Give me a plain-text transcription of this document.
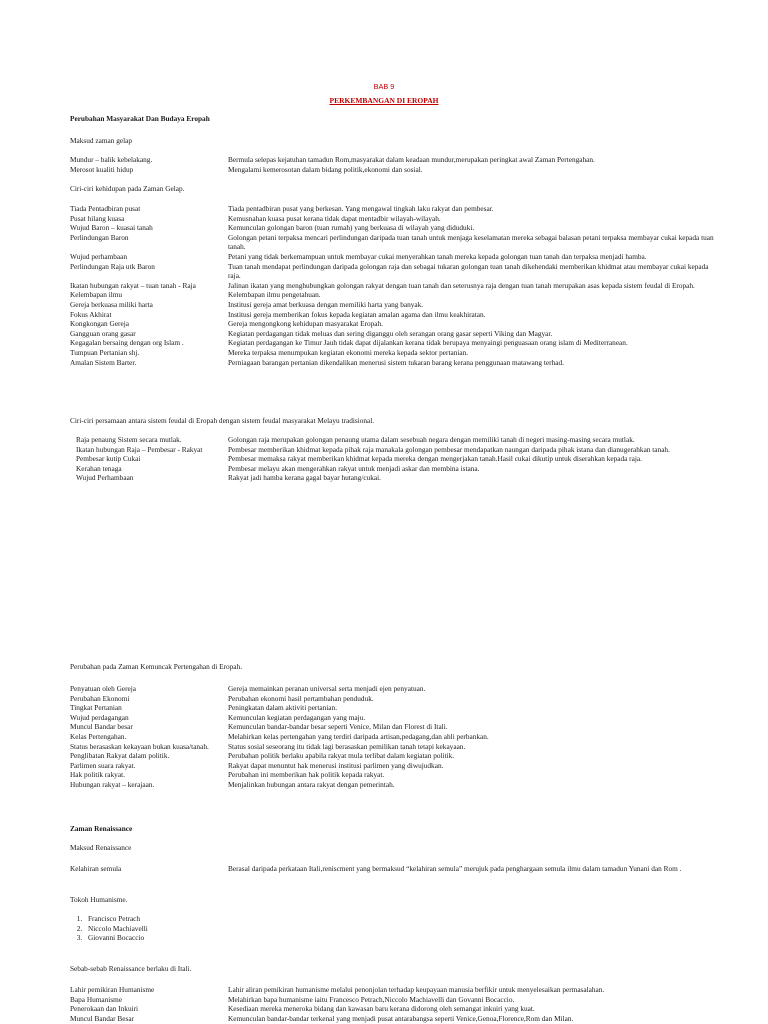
BAB 9
PERKEMBANGAN DI EROPAH
Perubahan Masyarakat Dan Budaya Eropah
Maksud zaman gelap
Mundur – balik kebelakang.	Bermula selepas kejatuhan tamadun Rom,masyarakat dalam keadaan mundur,merupakan peringkat awal Zaman Pertengahan.
Merosot kualiti hidup	Mengalami kemerosotan dalam bidang politik,ekonomi dan sosial.
Ciri-ciri kehidupan pada Zaman Gelap.
Tiada Pentadbiran pusat	Tiada pentadbiran pusat yang berkesan. Yang mengawal tingkah laku rakyat dan pembesar.
Pusat hilang kuasa	Kemusnahan kuasa pusat kerana tidak dapat mentadbir wilayah-wilayah.
Wujud Baron – kuasai tanah	Kemunculan golongan baron (tuan rumah) yang berkuasa di wilayah yang diduduki.
Perlindungan Baron	Golongan petani terpaksa mencari perlindungan daripada tuan tanah untuk menjaga keselamatan mereka sebagai balasan petani terpaksa membayar cukai kepada tuan tanah.
Wujud perhambaan	Petani yang tidak berkemampuan untuk membayar cukai menyerahkan tanah mereka kepada golongan tuan tanah dan terpaksa menjadi hamba.
Perlindungan Raja utk Baron	Tuan tanah mendapat perlindungan daripada golongan raja dan sebagai tukaran golongan tuan tanah dikehendaki memberikan khidmat atau membayar cukai kepada raja.
Ikatan hubungan rakyat – tuan tanah - Raja	Jalinan ikatan yang menghubungkan golongan rakyat dengan tuan tanah dan seterusnya raja dengan tuan tanah merupakan asas kepada sistem feudal di Eropah.
Kelembapan ilmu	Kelembapan ilmu pengetahuan.
Gereja berkuasa miliki harta	Institusi gereja amat berkuasa dengan memiliki harta yang banyak.
Fokus Akhirat	Institusi gereja memberikan fokus kepada kegiatan amalan agama dan ilmu keakhiratan.
Kongkongan Gereja	Gereja mengongkong kehidupan masyarakat Eropah.
Gangguan orang gasar	Kegiatan perdagangan tidak meluas dan sering diganggu oleh serangan orang gasar seperti Viking dan Magyar.
Kegagalan bersaing dengan org Islam .	Kegiatan perdagangan ke Timur Jauh tidak dapat dijalankan kerana tidak berupaya menyaingi penguasaan orang islam di Mediterranean.
Tumpuan Pertanian shj.	Mereka terpaksa menumpukan kegiatan ekonomi mereka kepada sektor pertanian.
Amalan Sistem Barter.	Perniagaan barangan pertanian dikendalikan menerusi sistem tukaran barang kerana penggunaan matawang terhad.
Ciri-ciri persamaan antara sistem feudal di Eropah dengan sistem feudal masyarakat Melayu tradisional.
Raja penaung Sistem secara mutlak.	Golongan raja merupakan golongan penaung utama dalam sesebuah negara dengan memiliki tanah di negeri masing-masing secara mutlak.
Ikatan hubungan Raja – Pembesar - Rakyat	Pembesar memberikan khidmat kepada pihak raja manakala golongan pembesar mendapatkan naungan daripada pihak istana dan dianugerahkan tanah.
Pembesar kutip Cukai	Pembesar memaksa rakyat memberikan khidmat kepada mereka dengan mengerjakan tanah.Hasil cukai dikutip untuk diserahkan kepada raja.
Kerahan tenaga	Pembesar melayu akan mengerahkan rakyat untuk menjadi askar dan membina istana.
Wujud Perhambaan	Rakyat jadi hamba kerana gagal bayar hutang/cukai.
Perubahan pada Zaman Kemuncak Pertengahan di Eropah.
Penyatuan oleh Gereja	Gereja memainkan peranan universal serta menjadi ejen penyatuan.
Perubahan Ekonomi	Perubahan ekonomi hasil pertambahan penduduk.
Tingkat Pertanian	Peningkatan dalam aktiviti pertanian.
Wujud perdagangan	Kemunculan kegiatan perdagangan yang maju.
Muncul Bandar besar	Kemunculan bandar-bandar besar seperti Venice, Milan dan Florest di Itali.
Kelas Pertengahan.	Melahirkan kelas pertengahan yang terdiri daripada artisan,pedagang,dan ahli perbankan.
Status berasaskan kekayaan bukan kuasa/tanah.	Status sosial seseorang itu tidak lagi berasaskan pemilikan tanah tetapi kekayaan.
Penglibatan Rakyat dalam politik.	Perubahan politik berlaku apabila rakyat mula terlibat dalam kegiatan politik.
Parlimen suara rakyat.	Rakyat dapat menuntut hak menerusi institusi parlimen yang diwujudkan.
Hak politik rakyat.	Perubahan ini memberikan hak politik kepada rakyat.
Hubungan rakyat – kerajaan.	Menjalinkan hubungan antara rakyat dengan pemerintah.
Zaman Renaissance
Maksud Renaissance
Kelahiran semula	Berasal daripada perkataan Itali,reniscment yang bermaksud “kelahiran semula” merujuk pada penghargaan semula ilmu dalam tamadun Yunani dan Rom .
Tokoh Humanisme.
1. Francisco Petrach
2. Niccolo Machiavelli
3. Giovanni Bocaccio
Sebab-sebab Renaissance berlaku di Itali.
Lahir pemikiran Humanisme	Lahir aliran pemikiran humanisme melalui penonjolan terhadap keupayaan manusia berfikir untuk menyelesaikan permasalahan.
Bapa Humanisme	Melahirkan bapa humanisme iaitu Francesco Petrach,Niccolo Machiavelli dan Govanni Bocaccio.
Penerokaan dan Inkuiri	Kesediaan mereka meneroka bidang dan kawasan baru kerana didorong oleh semangat inkuiri yang kuat.
Muncul Bandar Besar	Kemunculan bandar-bandar terkenal yang menjadi pusat antarabangsa seperti Venice,Genoa,Florence,Rom dan Milan.
